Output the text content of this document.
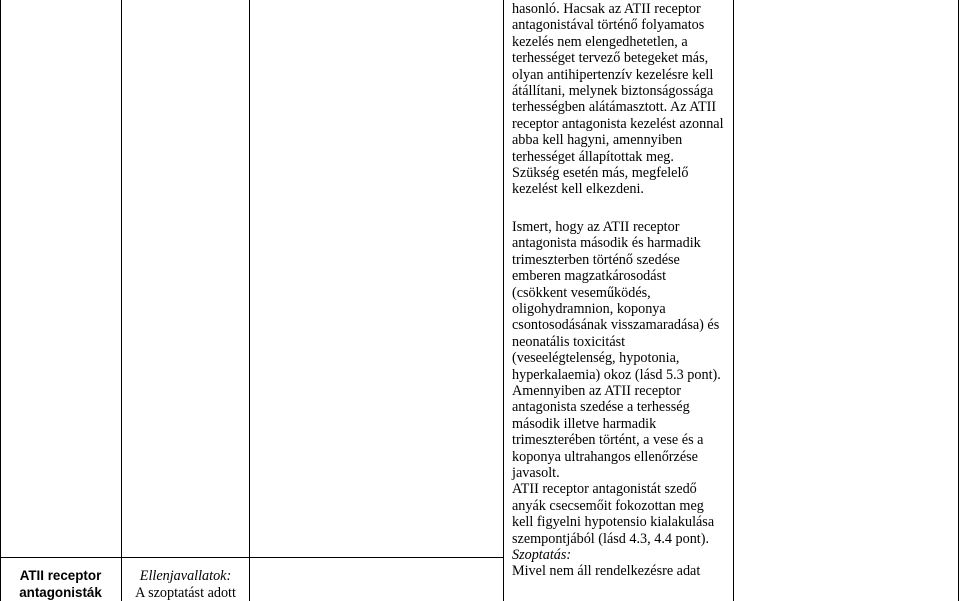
ATII receptor
antagonisták
Ellenjavallatok:
A szoptatást adott
hasonló. Hacsak az ATII receptor
antagonistával történő folyamatos
kezelés nem elengedhetetlen, a
terhességet tervező betegeket más,
olyan antihipertenzív kezelésre kell
átállítani, melynek biztonságossága
terhességben alátámasztott. Az ATII
receptor antagonista kezelést azonnal
abba kell hagyni, amennyiben
terhességet állapítottak meg.
Szükség esetén más, megfelelő
kezelést kell elkezdeni.
Ismert, hogy az ATII receptor
antagonista második és harmadik
trimeszterben történő szedése
emberen magzatkárosodást
(csökkent veseműködés,
oligohydramnion, koponya
csontosodásának visszamaradása) és
neonatális toxicitást
(veseelégtelenség, hypotonia,
hyperkalaemia) okoz (lásd 5.3 pont).
Amennyiben az ATII receptor
antagonista szedése a terhesség
második illetve harmadik
trimeszterében történt, a vese és a
koponya ultrahangos ellenőrzése
javasolt.
ATII receptor antagonistát szedő
anyák csecsemőit fokozottan meg
kell figyelni hypotensio kialakulása
szempontjából (lásd 4.3, 4.4 pont).
Szoptatás:
Mivel nem áll rendelkezésre adat
